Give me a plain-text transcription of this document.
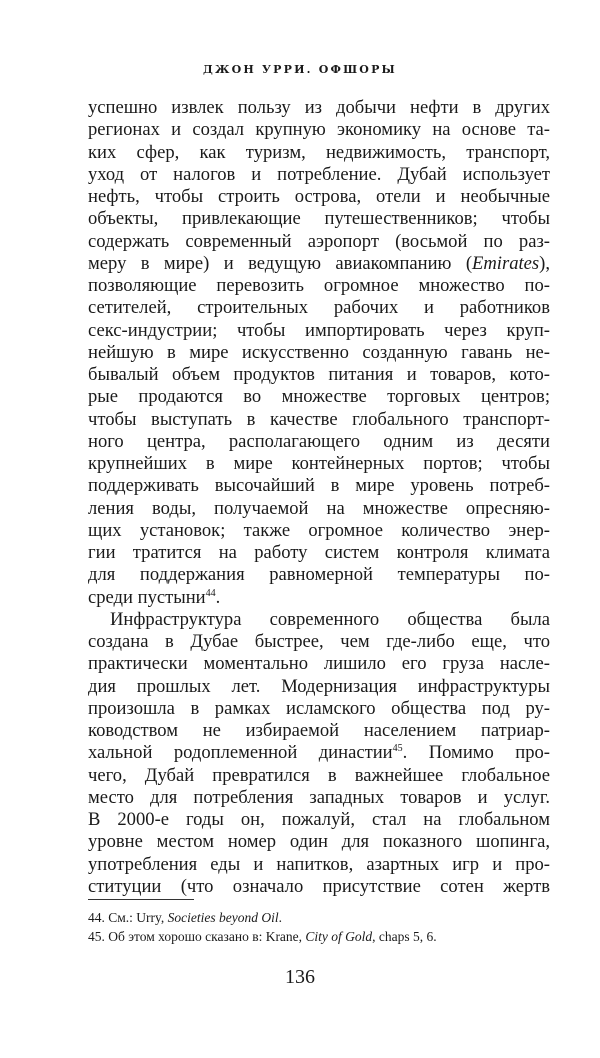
ДЖОН УРРИ. ОФШОРЫ
успешно извлек пользу из добычи нефти в других
регионах и создал крупную экономику на основе та-
ких сфер, как туризм, недвижимость, транспорт,
уход от налогов и потребление. Дубай использует
нефть, чтобы строить острова, отели и необычные
объекты, привлекающие путешественников; чтобы
содержать современный аэропорт (восьмой по раз-
меру в мире) и ведущую авиакомпанию (Emirates),
позволяющие перевозить огромное множество по-
сетителей, строительных рабочих и работников
секс-индустрии; чтобы импортировать через круп-
нейшую в мире искусственно созданную гавань не-
бывалый объем продуктов питания и товаров, кото-
рые продаются во множестве торговых центров;
чтобы выступать в качестве глобального транспорт-
ного центра, располагающего одним из десяти
крупнейших в мире контейнерных портов; чтобы
поддерживать высочайший в мире уровень потреб-
ления воды, получаемой на множестве опресняю-
щих установок; также огромное количество энер-
гии тратится на работу систем контроля климата
для поддержания равномерной температуры по-
среди пустыни$^{44}$.
Инфраструктура современного общества была
создана в Дубае быстрее, чем где-либо еще, что
практически моментально лишило его груза насле-
дия прошлых лет. Модернизация инфраструктуры
произошла в рамках исламского общества под ру-
ководством не избираемой населением патриар-
хальной родоплеменной династии$^{45}$. Помимо про-
чего, Дубай превратился в важнейшее глобальное
место для потребления западных товаров и услуг.
В 2000-е годы он, пожалуй, стал на глобальном
уровне местом номер один для показного шопинга,
употребления еды и напитков, азартных игр и про-
ституции (что означало присутствие сотен жертв
44. См.: Urry, Societies beyond Oil.
45. Об этом хорошо сказано в: Krane, City of Gold, chaps 5, 6.
136
